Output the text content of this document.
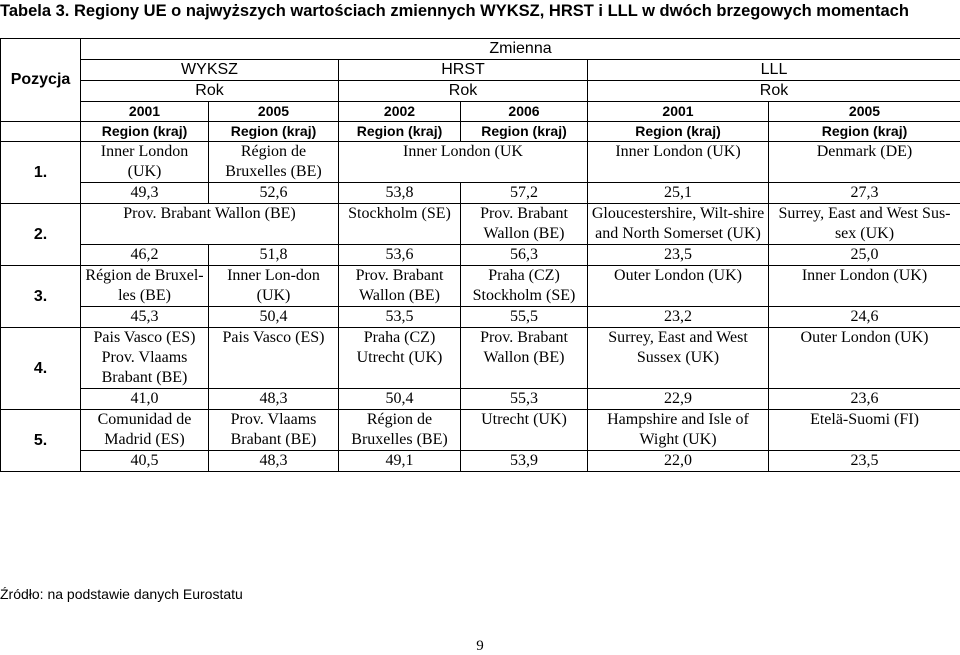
Tabela 3. Regiony UE o najwyższych wartościach zmiennych WYKSZ, HRST i LLL w dwóch brzegowych momentach
Pozycja	Zmienna					
	WYKSZ		HRST		LLL	
	Rok		Rok		Rok	
	2001	2005	2002	2006	2001	2005
	Region (kraj)	Region (kraj)	Region (kraj)	Region (kraj)	Region (kraj)	Region (kraj)
1.	Inner London (UK)	Région de Bruxelles (BE)	Inner London (UK		Inner London (UK)	Denmark (DE)
	49,3	52,6	53,8	57,2	25,1	27,3
2.	Prov. Brabant Wallon (BE)		Stockholm (SE)	Prov. Brabant Wallon (BE)	Gloucestershire, Wilt-shire and North Somerset (UK)	Surrey, East and West Sus-sex (UK)
	46,2	51,8	53,6	56,3	23,5	25,0
3.	Région de Bruxel-les (BE)	Inner Lon-don (UK)	Prov. Brabant Wallon (BE)	Praha (CZ) Stockholm (SE)	Outer London (UK)	Inner London (UK)
	45,3	50,4	53,5	55,5	23,2	24,6
4.	Pais Vasco (ES) Prov. Vlaams Brabant (BE)	Pais Vasco (ES)	Praha (CZ) Utrecht (UK)	Prov. Brabant Wallon (BE)	Surrey, East and West Sussex (UK)	Outer London (UK)
	41,0	48,3	50,4	55,3	22,9	23,6
5.	Comunidad de Madrid (ES)	Prov. Vlaams Brabant (BE)	Région de Bruxelles (BE)	Utrecht (UK)	Hampshire and Isle of Wight (UK)	Etelä-Suomi (FI)
	40,5	48,3	49,1	53,9	22,0	23,5
Źródło: na podstawie danych Eurostatu
9
